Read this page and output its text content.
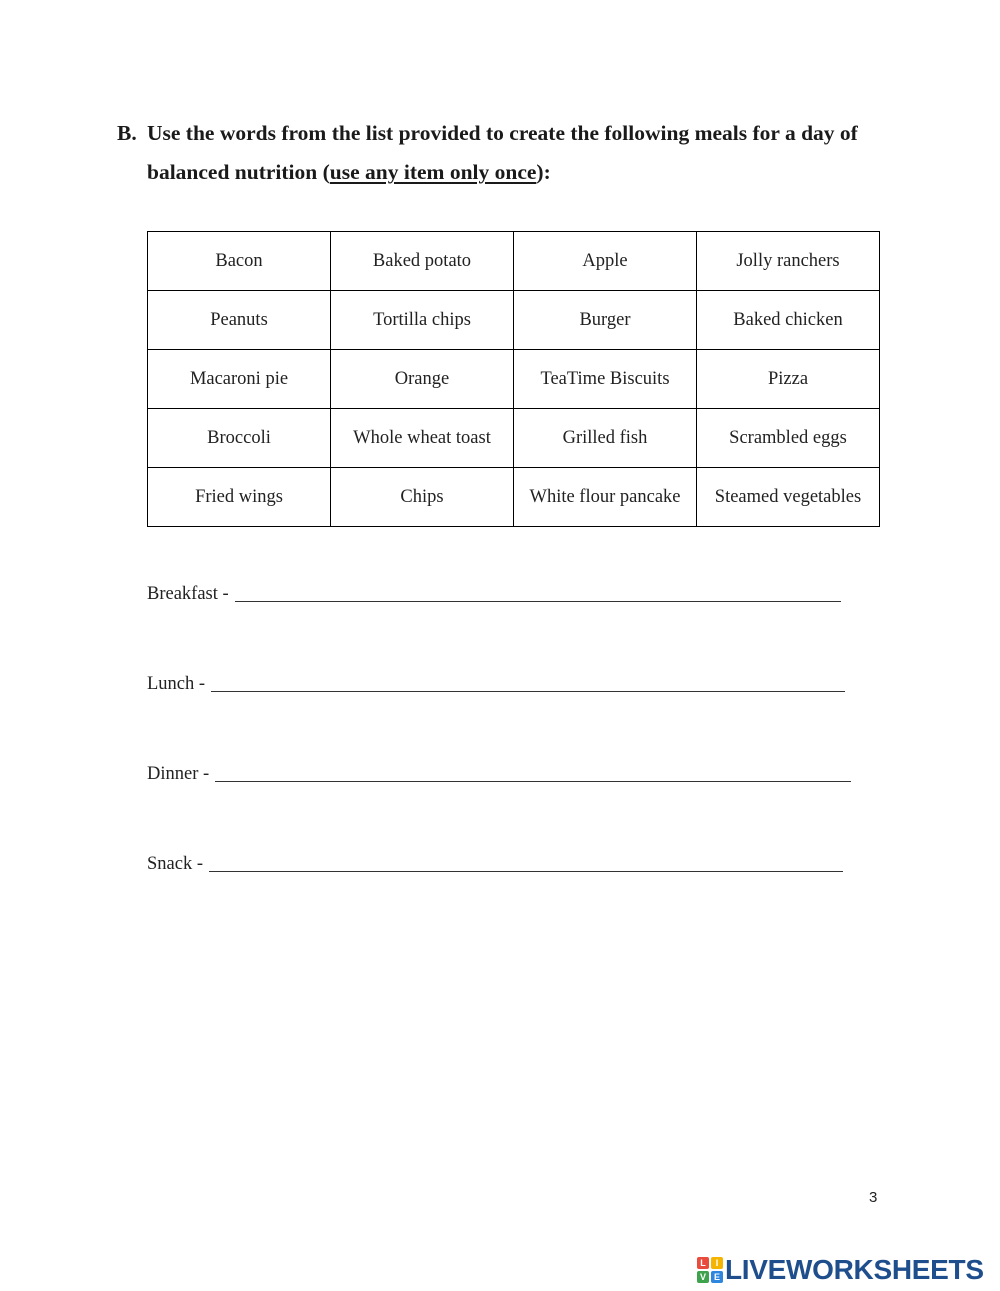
B. Use the words from the list provided to create the following meals for a day of balanced nutrition (use any item only once):
Bacon	Baked potato	Apple	Jolly ranchers
Peanuts	Tortilla chips	Burger	Baked chicken
Macaroni pie	Orange	TeaTime Biscuits	Pizza
Broccoli	Whole wheat toast	Grilled fish	Scrambled eggs
Fried wings	Chips	White flour pancake	Steamed vegetables
Breakfast -
Lunch -
Dinner -
Snack -
3
L	I
V E LIVEWORKSHEETS
